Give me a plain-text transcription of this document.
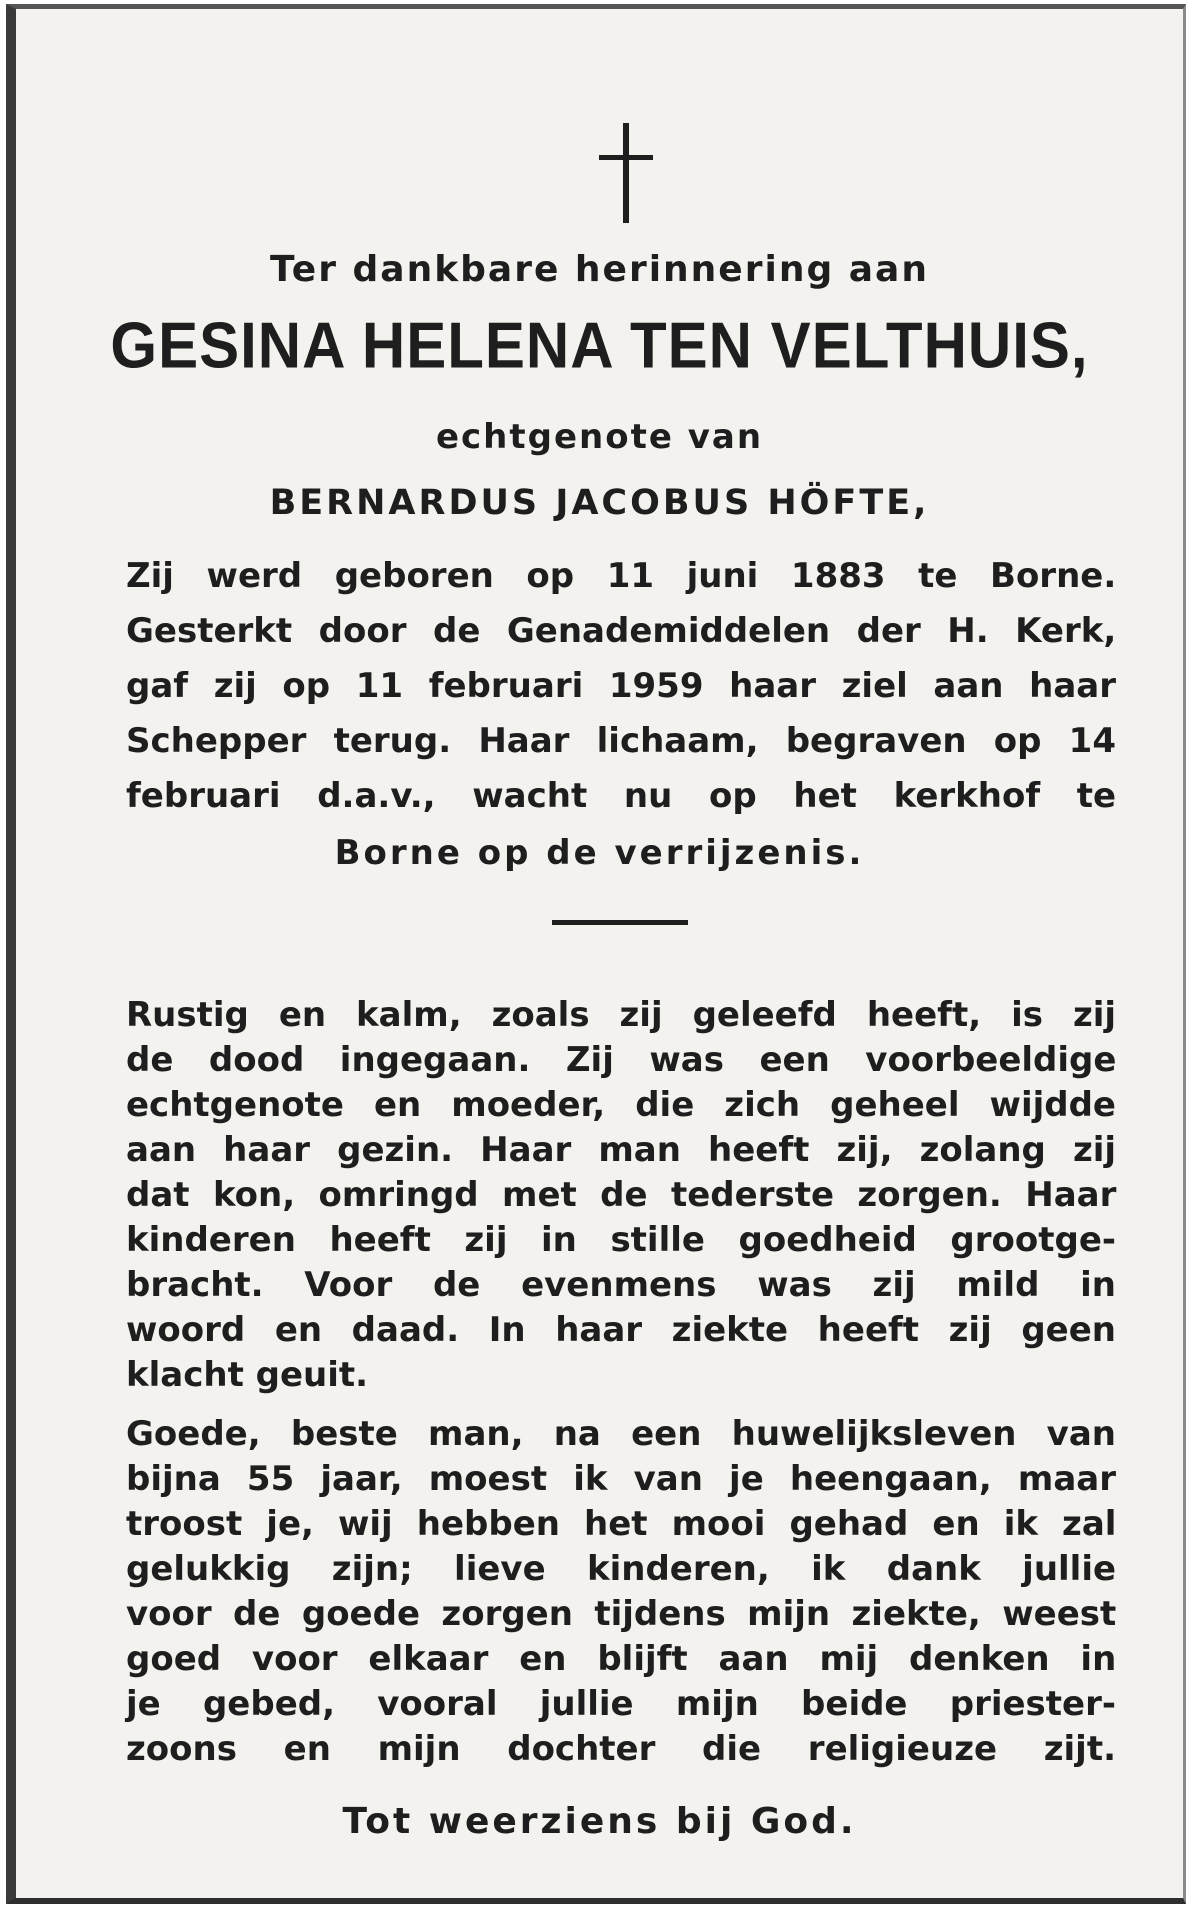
Ter dankbare herinnering aan
GESINA HELENA TEN VELTHUIS,
echtgenote van
BERNARDUS JACOBUS HÖFTE,
Zij werd geboren op 11 juni 1883 te Borne.
Gesterkt door de Genademiddelen der H. Kerk,
gaf zij op 11 februari 1959 haar ziel aan haar
Schepper terug. Haar lichaam, begraven op 14
februari d.a.v., wacht nu op het kerkhof te
Borne op de verrijzenis.
Rustig en kalm, zoals zij geleefd heeft, is zij
de dood ingegaan. Zij was een voorbeeldige
echtgenote en moeder, die zich geheel wijdde
aan haar gezin. Haar man heeft zij, zolang zij
dat kon, omringd met de tederste zorgen. Haar
kinderen heeft zij in stille goedheid grootge-
bracht. Voor de evenmens was zij mild in
woord en daad. In haar ziekte heeft zij geen
klacht geuit.
Goede, beste man, na een huwelijksleven van
bijna 55 jaar, moest ik van je heengaan, maar
troost je, wij hebben het mooi gehad en ik zal
gelukkig zijn; lieve kinderen, ik dank jullie
voor de goede zorgen tijdens mijn ziekte, weest
goed voor elkaar en blijft aan mij denken in
je gebed, vooral jullie mijn beide priester-
zoons en mijn dochter die religieuze zijt.
Tot weerziens bij God.
